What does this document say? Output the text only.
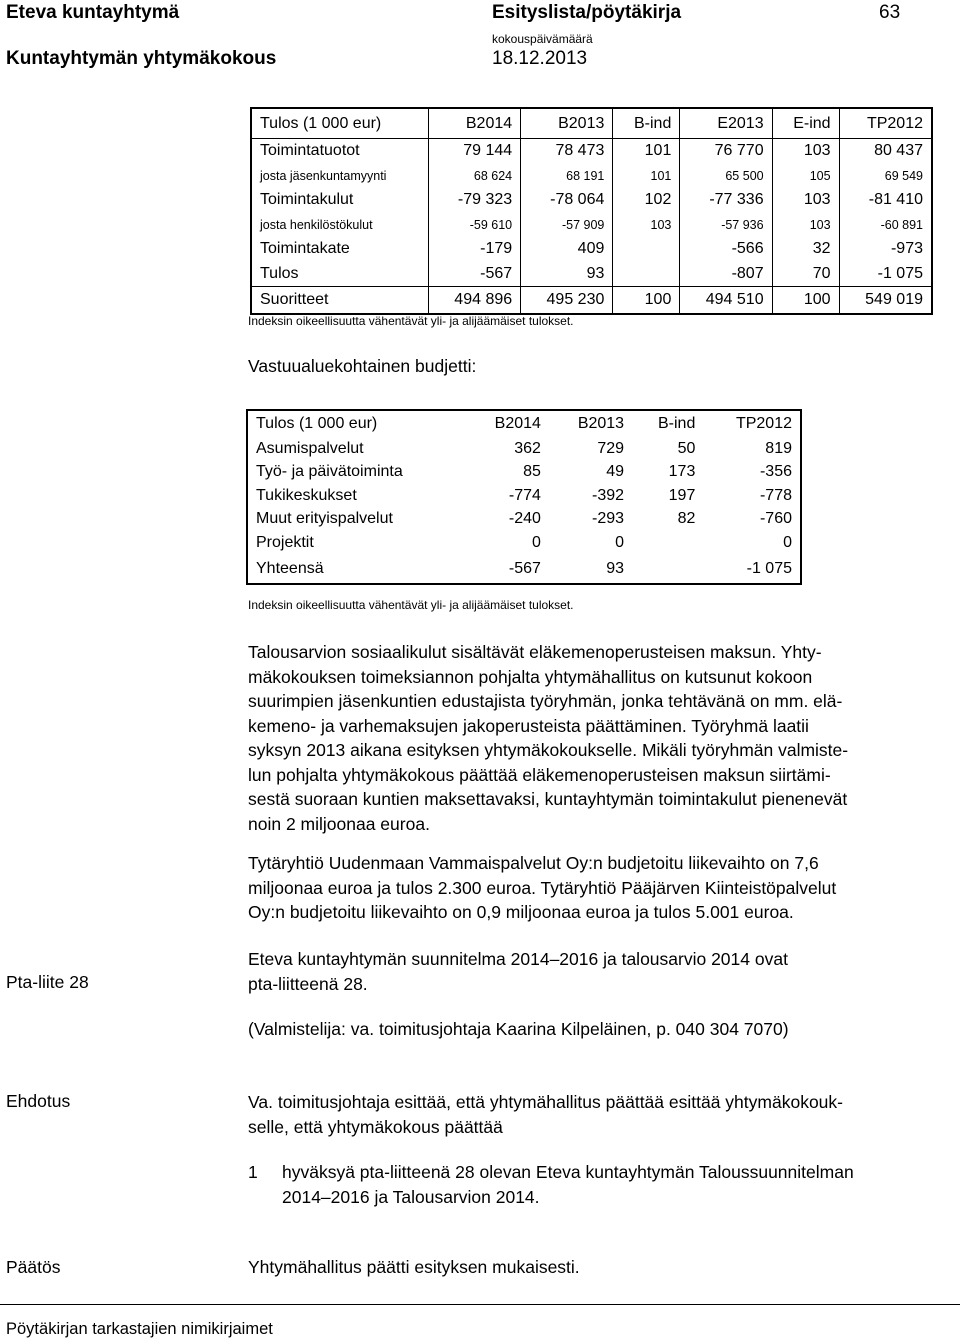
Eteva kuntayhtymä	Esityslista/pöytäkirja	63
Kuntayhtymän yhtymäkokous
kokouspäivämäärä
18.12.2013
Tulos (1 000 eur)	B2014	B2013	B-ind	E2013	E-ind	TP2012
Toimintatuotot	79 144	78 473	101	76 770	103	80 437
josta jäsenkuntamyynti	68 624	68 191	101	65 500	105	69 549
Toimintakulut	-79 323	-78 064	102	-77 336	103	-81 410
josta henkilöstökulut	-59 610	-57 909	103	-57 936	103	-60 891
Toimintakate	-179	409		-566	32	-973
Tulos	-567	93		-807	70	-1 075
Suoritteet	494 896	495 230	100	494 510	100	549 019
Indeksin oikeellisuutta vähentävät yli- ja alijäämäiset tulokset.
Vastuualuekohtainen budjetti:
Tulos (1 000 eur)	B2014	B2013	B-ind	TP2012
Asumispalvelut	362	729	50	819
Työ- ja päivätoiminta	85	49	173	-356
Tukikeskukset	-774	-392	197	-778
Muut erityispalvelut	-240	-293	82	-760
Projektit	0	0		0
Yhteensä	-567	93		-1 075
Indeksin oikeellisuutta vähentävät yli- ja alijäämäiset tulokset.
Talousarvion sosiaalikulut sisältävät eläkemenoperusteisen maksun. Yhty-
mäkokouksen toimeksiannon pohjalta yhtymähallitus on kutsunut kokoon
suurimpien jäsenkuntien edustajista työryhmän, jonka tehtävänä on mm. elä-
kemeno- ja varhemaksujen jakoperusteista päättäminen. Työryhmä laatii
syksyn 2013 aikana esityksen yhtymäkokoukselle. Mikäli työryhmän valmiste-
lun pohjalta yhtymäkokous päättää eläkemenoperusteisen maksun siirtämi-
sestä suoraan kuntien maksettavaksi, kuntayhtymän toimintakulut pienenevät
noin 2 miljoonaa euroa.
Tytäryhtiö Uudenmaan Vammaispalvelut Oy:n budjetoitu liikevaihto on 7,6
miljoonaa euroa ja tulos 2.300 euroa. Tytäryhtiö Pääjärven Kiinteistöpalvelut
Oy:n budjetoitu liikevaihto on 0,9 miljoonaa euroa ja tulos 5.001 euroa.
Pta-liite 28
Eteva kuntayhtymän suunnitelma 2014–2016 ja talousarvio 2014 ovat
pta-liitteenä 28.
(Valmistelija: va. toimitusjohtaja Kaarina Kilpeläinen, p. 040 304 7070)
Ehdotus	Va. toimitusjohtaja esittää, että yhtymähallitus päättää esittää yhtymäkokouk-
selle, että yhtymäkokous päättää
1 hyväksyä pta-liitteenä 28 olevan Eteva kuntayhtymän Taloussuunnitelman
2014–2016 ja Talousarvion 2014.
Päätös	Yhtymähallitus päätti esityksen mukaisesti.
Pöytäkirjan tarkastajien nimikirjaimet
